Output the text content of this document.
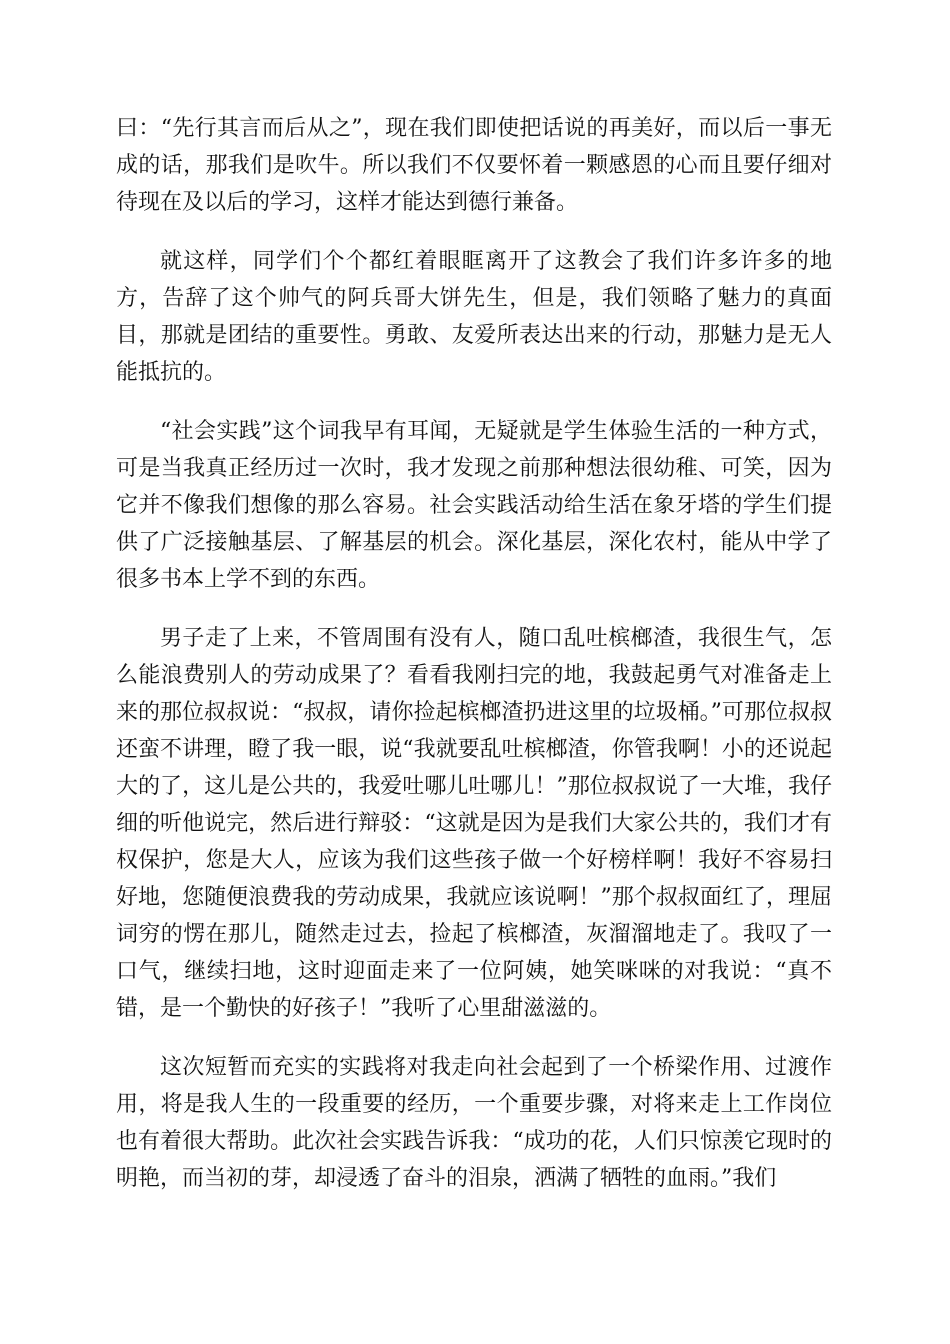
曰：“先行其言而后从之”，现在我们即使把话说的再美好，而以后一事无成的话，那我们是吹牛。所以我们不仅要怀着一颗感恩的心而且要仔细对待现在及以后的学习，这样才能达到德行兼备。

就这样，同学们个个都红着眼眶离开了这教会了我们许多许多的地方，告辞了这个帅气的阿兵哥大饼先生，但是，我们领略了魅力的真面目，那就是团结的重要性。勇敢、友爱所表达出来的行动，那魅力是无人能抵抗的。

“社会实践”这个词我早有耳闻，无疑就是学生体验生活的一种方式，可是当我真正经历过一次时，我才发现之前那种想法很幼稚、可笑，因为它并不像我们想像的那么容易。社会实践活动给生活在象牙塔的学生们提供了广泛接触基层、了解基层的机会。深化基层，深化农村，能从中学了很多书本上学不到的东西。

男子走了上来，不管周围有没有人，随口乱吐槟榔渣，我很生气，怎么能浪费别人的劳动成果了？看看我刚扫完的地，我鼓起勇气对准备走上来的那位叔叔说：“叔叔，请你捡起槟榔渣扔进这里的垃圾桶。”可那位叔叔还蛮不讲理，瞪了我一眼，说“我就要乱吐槟榔渣，你管我啊！小的还说起大的了，这儿是公共的，我爱吐哪儿吐哪儿！”那位叔叔说了一大堆，我仔细的听他说完，然后进行辩驳：“这就是因为是我们大家公共的，我们才有权保护，您是大人，应该为我们这些孩子做一个好榜样啊！我好不容易扫好地，您随便浪费我的劳动成果，我就应该说啊！”那个叔叔面红了，理屈词穷的愣在那儿，随然走过去，捡起了槟榔渣，灰溜溜地走了。我叹了一口气，继续扫地，这时迎面走来了一位阿姨，她笑咪咪的对我说：“真不错，是一个勤快的好孩子！”我听了心里甜滋滋的。

这次短暂而充实的实践将对我走向社会起到了一个桥梁作用、过渡作用，将是我人生的一段重要的经历，一个重要步骤，对将来走上工作岗位也有着很大帮助。此次社会实践告诉我：“成功的花，人们只惊羡它现时的明艳，而当初的芽，却浸透了奋斗的泪泉，洒满了牺牲的血雨。”我们
